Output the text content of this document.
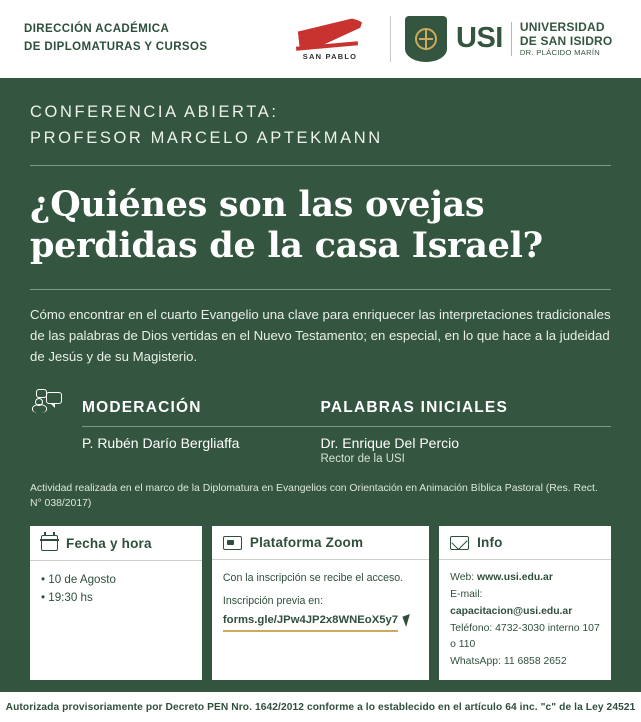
DIRECCIÓN ACADÉMICA
DE DIPLOMATURAS Y CURSOS
SAN PABLO
USI UNIVERSIDAD
DE SAN ISIDRO
DR. PLÁCIDO MARÍN
CONFERENCIA ABIERTA:
PROFESOR MARCELO APTEKMANN
¿Quiénes son las ovejas perdidas de la casa Israel?
Cómo encontrar en el cuarto Evangelio una clave para enriquecer las interpretaciones tradicionales de las palabras de Dios vertidas en el Nuevo Testamento; en especial, en lo que hace a la judeidad de Jesús y de su Magisterio.
MODERACIÓN
P. Rubén Darío Bergliaffa
PALABRAS INICIALES
Dr. Enrique Del Percio
Rector de la USI
Actividad realizada en el marco de la Diplomatura en Evangelios con Orientación en Animación Bíblica Pastoral (Res. Rect. N° 038/2017)
Fecha y hora
• 10 de Agosto
• 19:30 hs
Plataforma Zoom
Con la inscripción se recibe el acceso.
Inscripción previa en:
forms.gle/JPw4JP2x8WNEoX5y7
Info
Web: www.usi.edu.ar
E-mail: capacitacion@usi.edu.ar
Teléfono: 4732-3030 interno 107 o 110
WhatsApp: 11 6858 2652
Autorizada provisoriamente por Decreto PEN Nro. 1642/2012 conforme a lo establecido en el artículo 64 inc. "c" de la Ley 24521
